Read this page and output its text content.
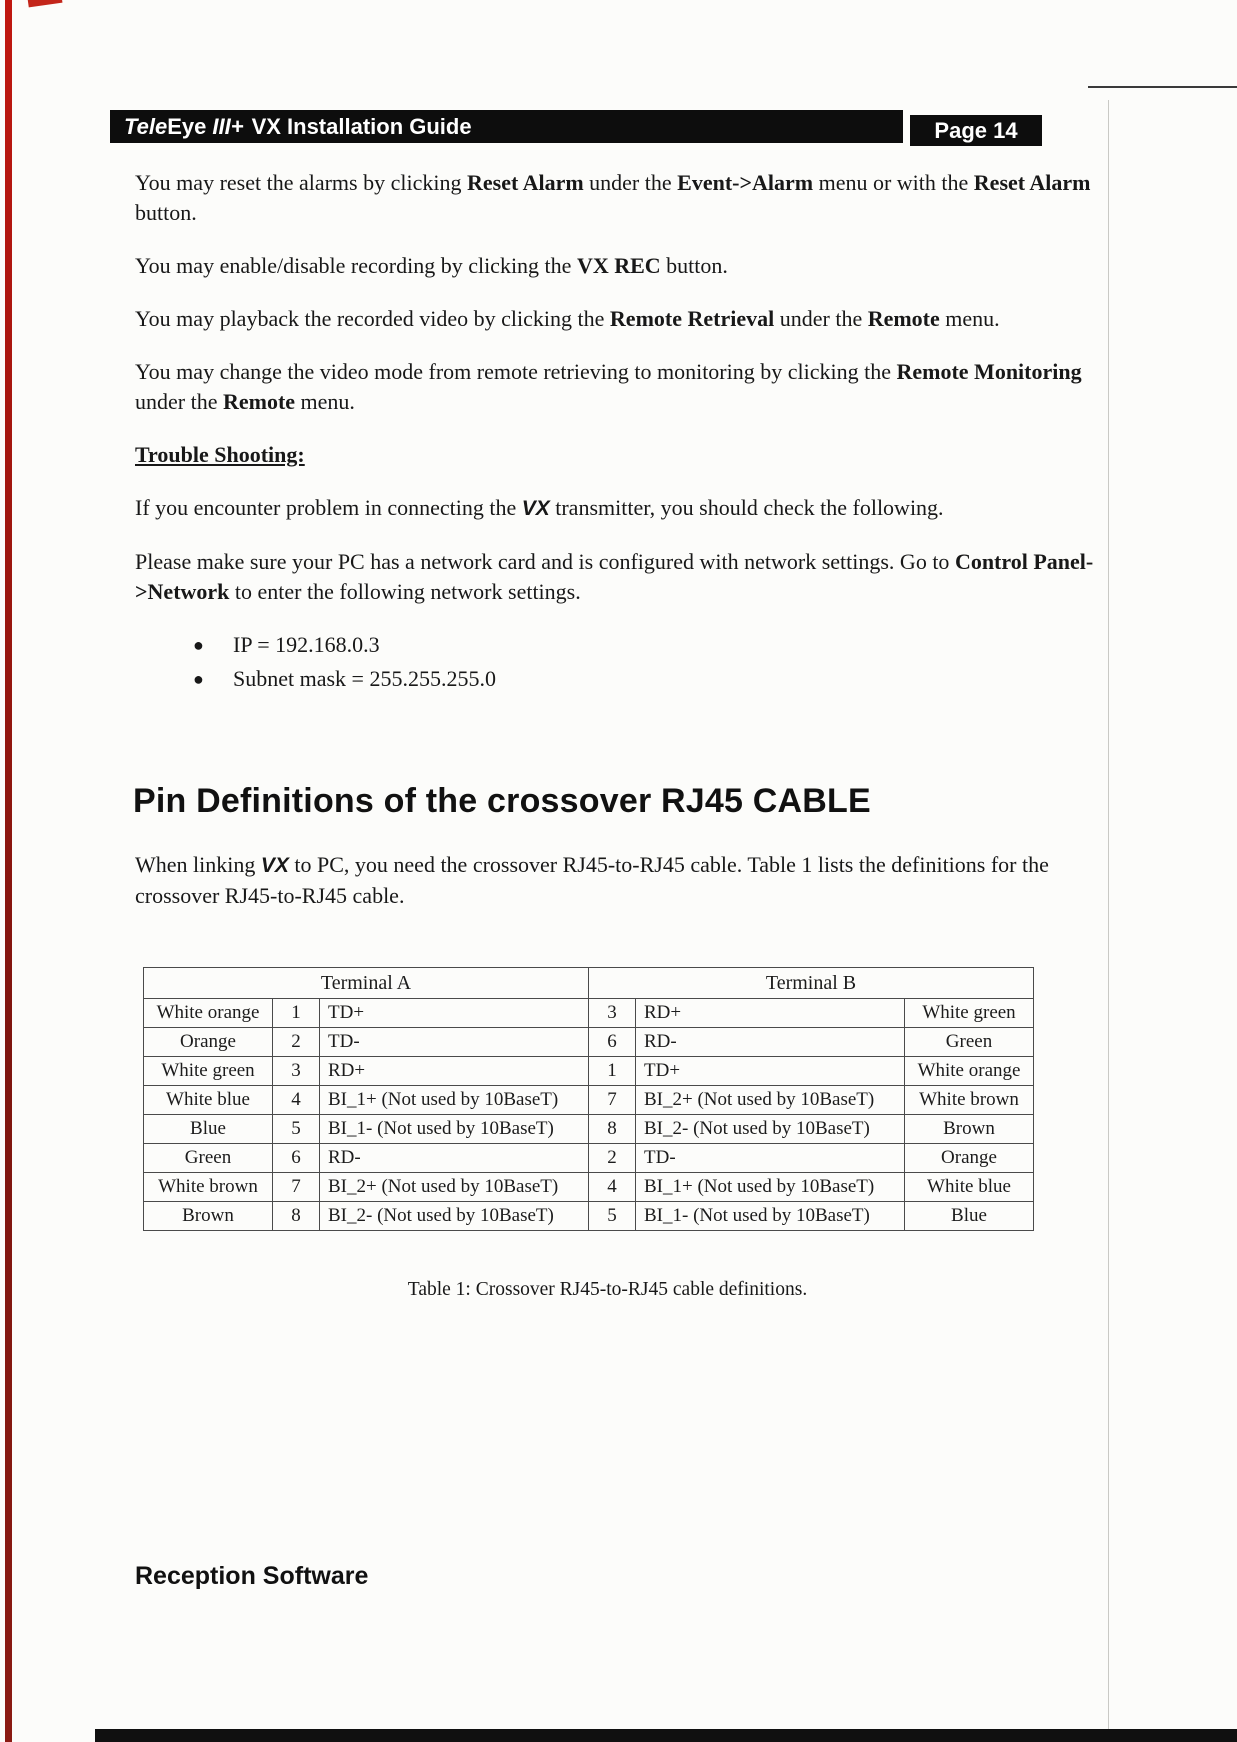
Tele Eye III+ VX Installation Guide	Page 14

You may reset the alarms by clicking Reset Alarm under the Event->Alarm menu or with the Reset Alarm button.

You may enable/disable recording by clicking the VX REC button.

You may playback the recorded video by clicking the Remote Retrieval under the Remote menu.

You may change the video mode from remote retrieving to monitoring by clicking the Remote Monitoring under the Remote menu.

Trouble Shooting:

If you encounter problem in connecting the VX transmitter, you should check the following.

Please make sure your PC has a network card and is configured with network settings. Go to Control Panel->Network to enter the following network settings.

●	IP = 192.168.0.3
●	Subnet mask = 255.255.255.0
Pin Definitions of the crossover RJ45 CABLE

When linking VX to PC, you need the crossover RJ45-to-RJ45 cable. Table 1 lists the definitions for the crossover RJ45-to-RJ45 cable.

Terminal A			Terminal B		
White orange	1	TD+	3	RD+	White green
Orange	2	TD-	6	RD-	Green
White green	3	RD+	1	TD+	White orange
White blue	4	BI_1+ (Not used by 10BaseT)	7	BI_2+ (Not used by 10BaseT)	White brown
Blue	5	BI_1- (Not used by 10BaseT)	8	BI_2- (Not used by 10BaseT)	Brown
Green	6	RD-	2	TD-	Orange
White brown	7	BI_2+ (Not used by 10BaseT)	4	BI_1+ (Not used by 10BaseT)	White blue
Brown	8	BI_2- (Not used by 10BaseT)	5	BI_1- (Not used by 10BaseT)	Blue
Table 1: Crossover RJ45-to-RJ45 cable definitions.
Reception Software
